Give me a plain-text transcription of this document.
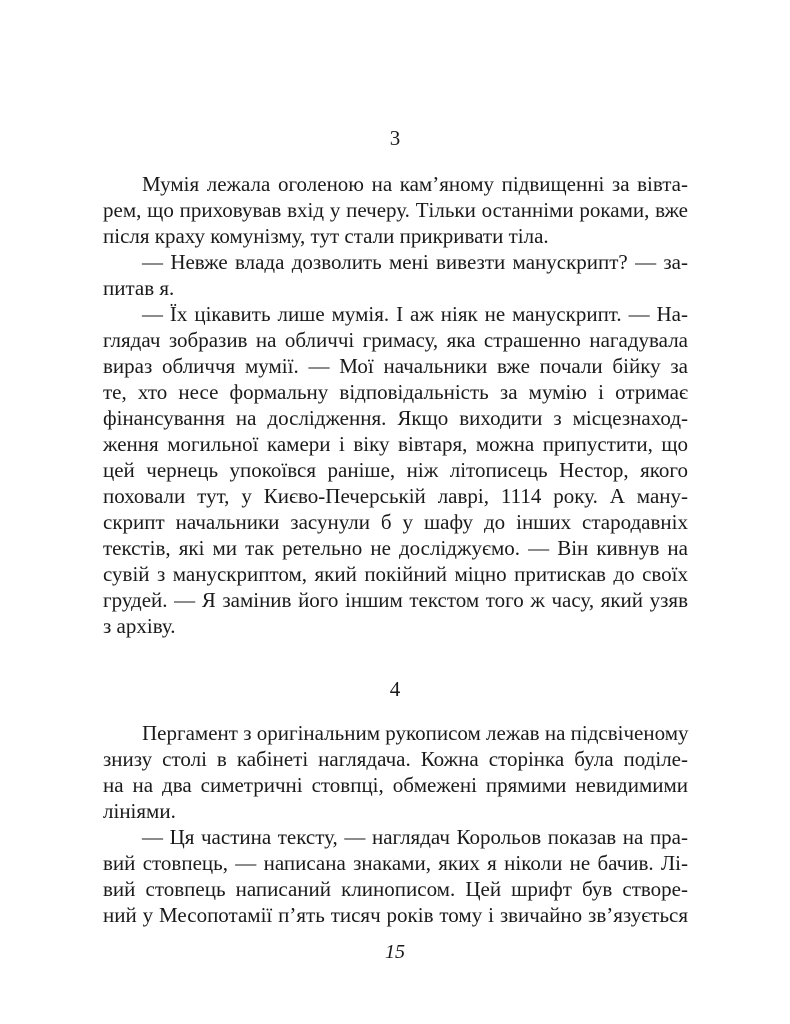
3
Мумія лежала оголеною на кам’яному підвищенні за вівта-
рем, що приховував вхід у печеру. Тільки останніми роками, вже
після краху комунізму, тут стали прикривати тіла.
— Невже влада дозволить мені вивезти манускрипт? — за-
питав я.
— Їх цікавить лише мумія. І аж ніяк не манускрипт. — На-
глядач зобразив на обличчі гримасу, яка страшенно нагадувала
вираз обличчя мумії. — Мої начальники вже почали бійку за
те, хто несе формальну відповідальність за мумію і отримає
фінансування на дослідження. Якщо виходити з місцезнаход-
ження могильної камери і віку вівтаря, можна припустити, що
цей чернець упокоївся раніше, ніж літописець Нестор, якого
поховали тут, у Києво-Печерській лаврі, 1114 року. А ману-
скрипт начальники засунули б у шафу до інших стародавніх
текстів, які ми так ретельно не досліджуємо. — Він кивнув на
сувій з манускриптом, який покійний міцно притискав до своїх
грудей. — Я замінив його іншим текстом того ж часу, який узяв
з архіву.
4
Пергамент з оригінальним рукописом лежав на підсвіченому
знизу столі в кабінеті наглядача. Кожна сторінка була поділе-
на на два симетричні стовпці, обмежені прямими невидимими
лініями.
— Ця частина тексту, — наглядач Корольов показав на пра-
вий стовпець, — написана знаками, яких я ніколи не бачив. Лі-
вий стовпець написаний клинописом. Цей шрифт був створе-
ний у Месопотамії п’ять тисяч років тому і звичайно зв’язується
15
